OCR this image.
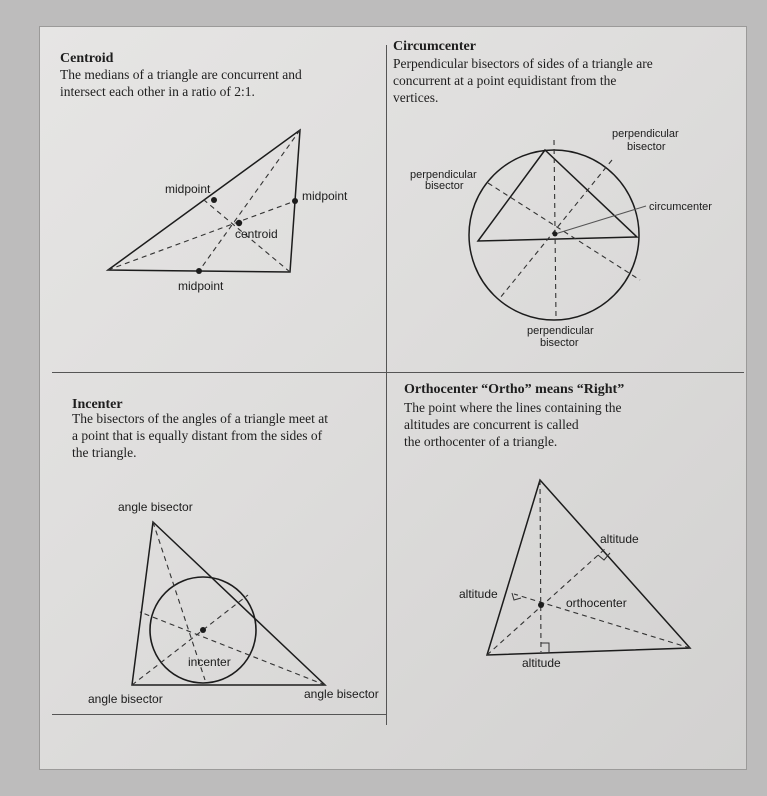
Centroid
The medians of a triangle are concurrent and
intersect each other in a ratio of 2:1.
Circumcenter
Perpendicular bisectors of sides of a triangle are
concurrent at a point equidistant from the
vertices.
Incenter
The bisectors of the angles of a triangle meet at
a point that is equally distant from the sides of
the triangle.
Orthocenter “Ortho” means “Right”
The point where the lines containing the
altitudes are concurrent is called
the orthocenter of a triangle.
midpoint	midpoint
centroid
midpoint
perpendicular
bisector
perpendicular
bisector
circumcenter
perpendicular
bisector
angle bisector
incenter
angle bisector	angle bisector
altitude
altitude
orthocenter
altitude
